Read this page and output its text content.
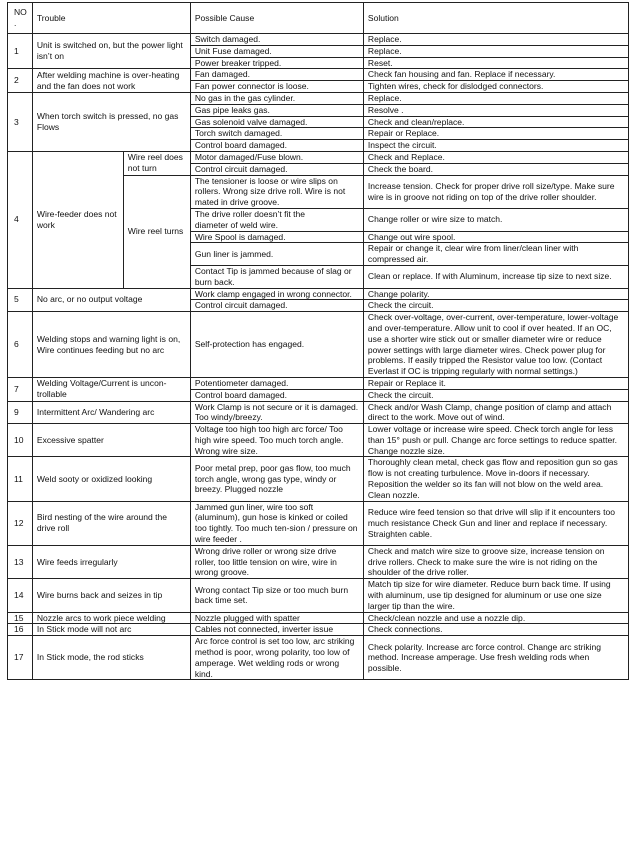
NO
.	Trouble		Possible Cause	Solution
1	Unit is switched on, but the power light isn’t on		Switch damaged.	Replace.
			Unit Fuse damaged.	Replace.
			Power breaker tripped.	Reset.
2	After welding machine is over-heating and the fan does not work		Fan damaged.	Check fan housing and fan. Replace if necessary.
			Fan power connector is loose.	Tighten wires, check for dislodged connectors.
3	When torch switch is pressed, no gas Flows		No gas in the gas cylinder.	Replace.
			Gas pipe leaks gas.	Resolve .
			Gas solenoid valve damaged.	Check and clean/replace.
			Torch switch damaged.	Repair or Replace.
			Control board damaged.	Inspect the circuit.
4	Wire-feeder does not work	Wire reel does not turn	Motor damaged/Fuse blown.	Check and Replace.
			Control circuit damaged.	Check the board.
		Wire reel turns	The tensioner is loose or wire slips on rollers. Wrong size drive roll. Wire is not mated in drive groove.	Increase tension. Check for proper drive roll size/type. Make sure wire is in groove not riding on top of the drive roller shoulder.
			The drive roller doesn’t fit the
diameter of weld wire.	Change roller or wire size to match.
			Wire Spool is damaged.	Change out wire spool.
			Gun liner is jammed.	Repair or change it, clear wire from liner/clean liner with compressed air.
			Contact Tip is jammed because of slag or burn back.	Clean or replace. If with Aluminum, increase tip size to next size.
5	No arc, or no output voltage		Work clamp engaged in wrong connector.	Change polarity.
			Control circuit damaged.	Check the circuit.
6	Welding stops and warning light is on, Wire continues feeding but no arc		Self-protection has engaged.	Check over-voltage, over-current, over-temperature, lower-voltage and over-temperature. Allow unit to cool if over heated. If an OC, use a shorter wire stick out or smaller diameter wire or reduce power settings with large diameter wires. Check power plug for problems. If easily tripped the Resistor value too low. (Contact Everlast if OC is tripping regularly with normal settings.)
7	Welding Voltage/Current is uncon-trollable		Potentiometer damaged.	Repair or Replace it.
			Control board damaged.	Check the circuit.
9	Intermittent Arc/ Wandering arc		Work Clamp is not secure or it is damaged. Too windy/breezy.	Check and/or Wash Clamp, change position of clamp and attach direct to the work. Move out of wind.
10	Excessive spatter		Voltage too high too high arc force/ Too high wire speed. Too much torch angle. Wrong wire size.	Lower voltage or increase wire speed. Check torch angle for less than 15° push or pull. Change arc force settings to reduce spatter. Change nozzle size.
11	Weld sooty or oxidized looking		Poor metal prep, poor gas flow, too much torch angle, wrong gas type, windy or breezy. Plugged nozzle	Thoroughly clean metal, check gas flow and reposition gun so gas flow is not creating turbulence. Move in-doors if necessary. Reposition the welder so its fan will not blow on the weld area. Clean nozzle.
12	Bird nesting of the wire around the drive roll		Jammed gun liner, wire too soft (aluminum), gun hose is kinked or coiled too tightly. Too much ten-sion / pressure on wire feeder .	Reduce wire feed tension so that drive will slip if it encounters too much resistance Check Gun and liner and replace if necessary. Straighten cable.
13	Wire feeds irregularly		Wrong drive roller or wrong size drive roller, too little tension on wire, wire in wrong groove.	Check and match wire size to groove size, increase tension on drive rollers. Check to make sure the wire is not riding on the shoulder of the drive roller.
14	Wire burns back and seizes in tip		Wrong contact Tip size or too much burn back time set.	Match tip size for wire diameter. Reduce burn back time. If using with aluminum, use tip designed for aluminum or use one size larger tip than the wire.
15	Nozzle arcs to work piece welding		Nozzle plugged with spatter	Check/clean nozzle and use a nozzle dip.
16	In Stick mode will not arc		Cables not connected, inverter issue	Check connections.
17	In Stick mode, the rod sticks		Arc force control is set too low, arc striking method is poor, wrong polarity, too low of amperage. Wet welding rods or wrong kind.	Check polarity. Increase arc force control. Change arc striking method. Increase amperage. Use fresh welding rods when possible.
